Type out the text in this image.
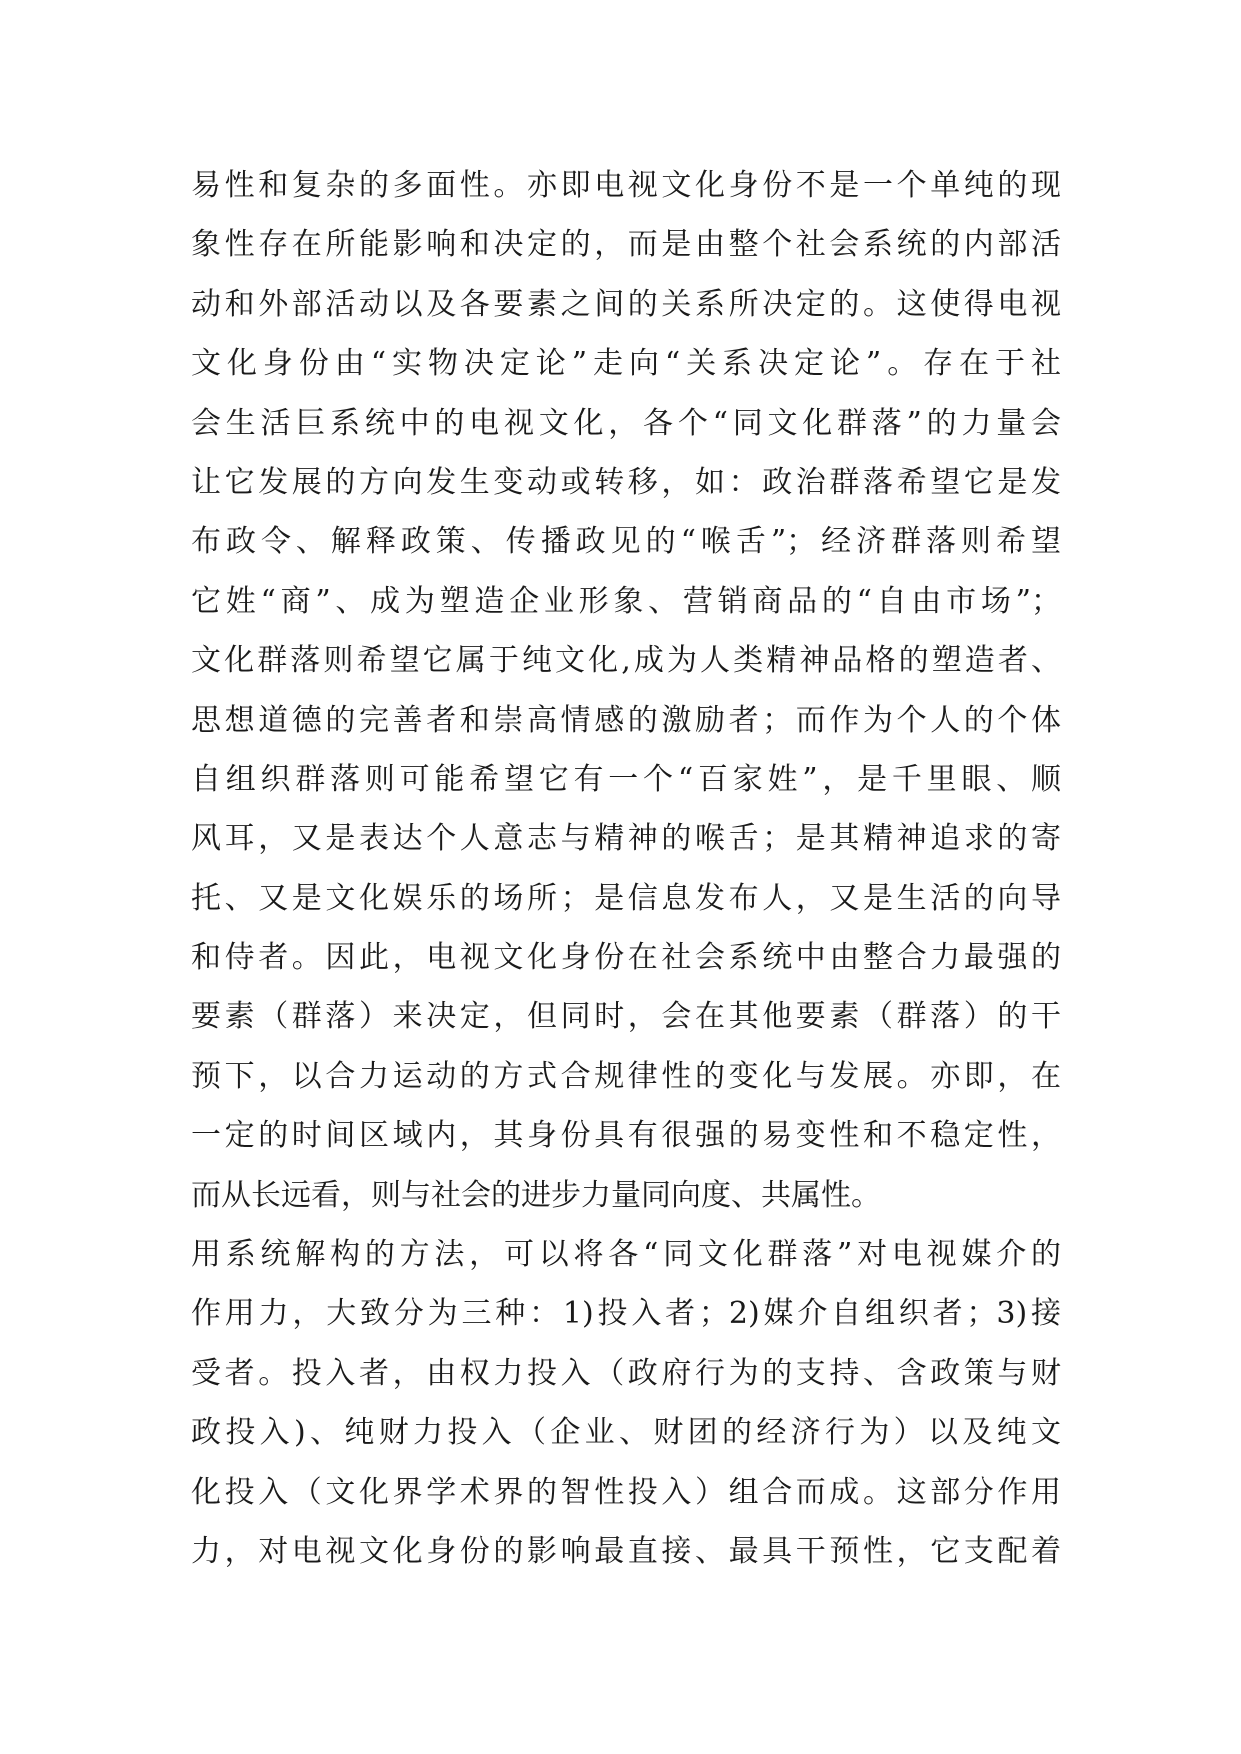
易性和复杂的多面性。亦即电视文化身份不是一个单纯的现
象性存在所能影响和决定的，而是由整个社会系统的内部活
动和外部活动以及各要素之间的关系所决定的。这使得电视
文化身份由“实物决定论”走向“关系决定论”。存在于社
会生活巨系统中的电视文化，各个“同文化群落”的力量会
让它发展的方向发生变动或转移，如：政治群落希望它是发
布政令、解释政策、传播政见的“喉舌”；经济群落则希望
它姓“商”、成为塑造企业形象、营销商品的“自由市场”；
文化群落则希望它属于纯文化,成为人类精神品格的塑造者、
思想道德的完善者和崇高情感的激励者；而作为个人的个体
自组织群落则可能希望它有一个“百家姓”，是千里眼、顺
风耳，又是表达个人意志与精神的喉舌；是其精神追求的寄
托、又是文化娱乐的场所；是信息发布人，又是生活的向导
和侍者。因此，电视文化身份在社会系统中由整合力最强的
要素（群落）来决定，但同时，会在其他要素（群落）的干
预下，以合力运动的方式合规律性的变化与发展。亦即，在
一定的时间区域内，其身份具有很强的易变性和不稳定性，
而从长远看，则与社会的进步力量同向度、共属性。
用系统解构的方法，可以将各“同文化群落”对电视媒介的
作用力，大致分为三种：1)投入者；2)媒介自组织者；3)接
受者。投入者，由权力投入（政府行为的支持、含政策与财
政投入)、纯财力投入（企业、财团的经济行为）以及纯文
化投入（文化界学术界的智性投入）组合而成。这部分作用
力，对电视文化身份的影响最直接、最具干预性，它支配着
